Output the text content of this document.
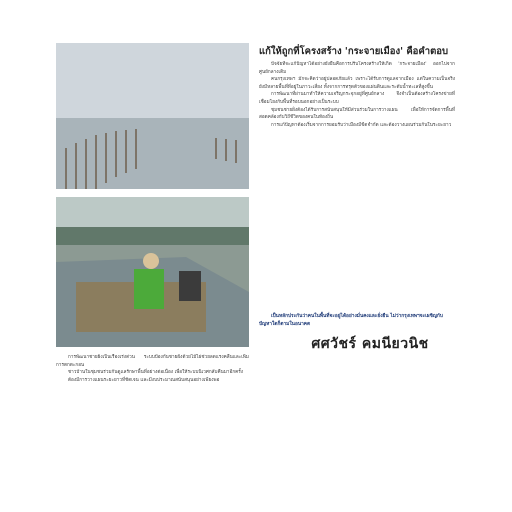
การพัฒนาชายฝั่งเป็นเรื่องเร่งด่วน ระบบป้องกันชายฝั่งด้วยไม้ไผ่ช่วยลดแรงคลื่นและเพิ่มการตกตะกอน

ชาวบ้านในชุมชนร่วมกันดูแลรักษาพื้นที่อย่างต่อเนื่อง เพื่อให้ระบบนิเวศกลับคืนมาอีกครั้ง

ต้องมีการวางแผนระยะยาวที่ชัดเจน และมีงบประมาณสนับสนุนอย่างเพียงพอ

แก้ให้ถูกที่โครงสร้าง 'กระจายเมือง' คือคำตอบ

ปัจจัยที่จะแก้ปัญหาได้อย่างยั่งยืนคือการปรับโครงสร้างให้เกิด 'กระจายเมือง' ออกไปจากศูนย์กลางเดิม

คนกรุงเทพฯ มักจะคิดว่าอยู่ปลอดภัยแล้ว เพราะได้รับการดูแลจากเมือง แต่ในความเป็นจริงยังมีหลายพื้นที่ที่อยู่ในภาวะเสี่ยง ทั้งจากการทรุดตัวของแผ่นดินและระดับน้ำทะเลที่สูงขึ้น

การพัฒนาที่ผ่านมาทำให้ความเจริญกระจุกอยู่ที่ศูนย์กลาง จึงจำเป็นต้องสร้างโครงข่ายที่เชื่อมโยงกับพื้นที่รอบนอกอย่างเป็นระบบ

ชุมชนชายฝั่งต้องได้รับการสนับสนุนให้มีส่วนร่วมในการวางแผน เพื่อให้การจัดการพื้นที่สอดคล้องกับวิถีชีวิตของคนในท้องถิ่น

การแก้ปัญหาต้องเริ่มจากการยอมรับว่าเมืองมีขีดจำกัด และต้องวางแผนร่วมกันในระยะยาว

เป็นหลักประกันว่าคนในพื้นที่จะอยู่ได้อย่างมั่นคงและยั่งยืน ไม่ว่ากรุงเทพฯจะเผชิญกับปัญหาใดก็ตามในอนาคต

ศศวัชร์ คมนียวนิช
